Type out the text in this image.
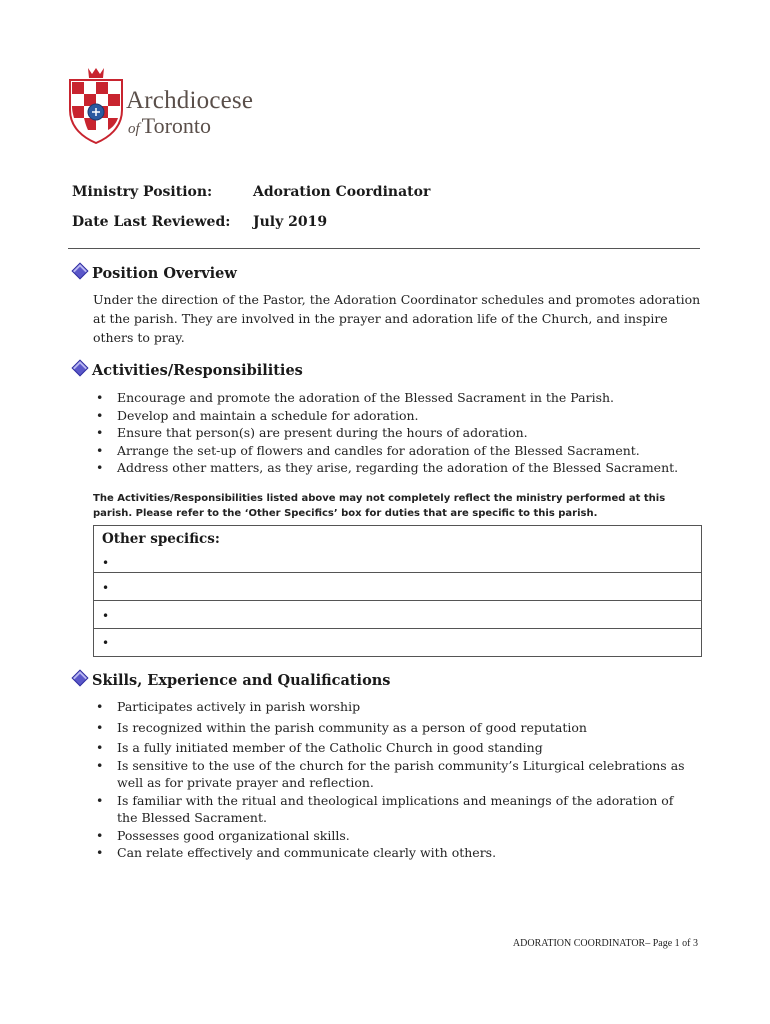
Archdiocese
ofToronto
Ministry Position:	Adoration Coordinator
Date Last Reviewed: July 2019
Position Overview
Under the direction of the Pastor, the Adoration Coordinator schedules and promotes adoration at the parish. They are involved in the prayer and adoration life of the Church, and inspire others to pray.
Activities/Responsibilities
• Encourage and promote the adoration of the Blessed Sacrament in the Parish.
• Develop and maintain a schedule for adoration.
• Ensure that person(s) are present during the hours of adoration.
• Arrange the set-up of flowers and candles for adoration of the Blessed Sacrament.
• Address other matters, as they arise, regarding the adoration of the Blessed Sacrament.
The Activities/Responsibilities listed above may not completely reflect the ministry performed at this parish. Please refer to the ‘Other Specifics’ box for duties that are specific to this parish.
Other specifics:
•
•
•
•
Skills, Experience and Qualifications
• Participates actively in parish worship
• Is recognized within the parish community as a person of good reputation
• Is a fully initiated member of the Catholic Church in good standing
• Is sensitive to the use of the church for the parish community’s Liturgical celebrations as well as for private prayer and reflection.
• Is familiar with the ritual and theological implications and meanings of the adoration of the Blessed Sacrament.
• Possesses good organizational skills.
• Can relate effectively and communicate clearly with others.
ADORATION COORDINATOR– Page 1 of 3
